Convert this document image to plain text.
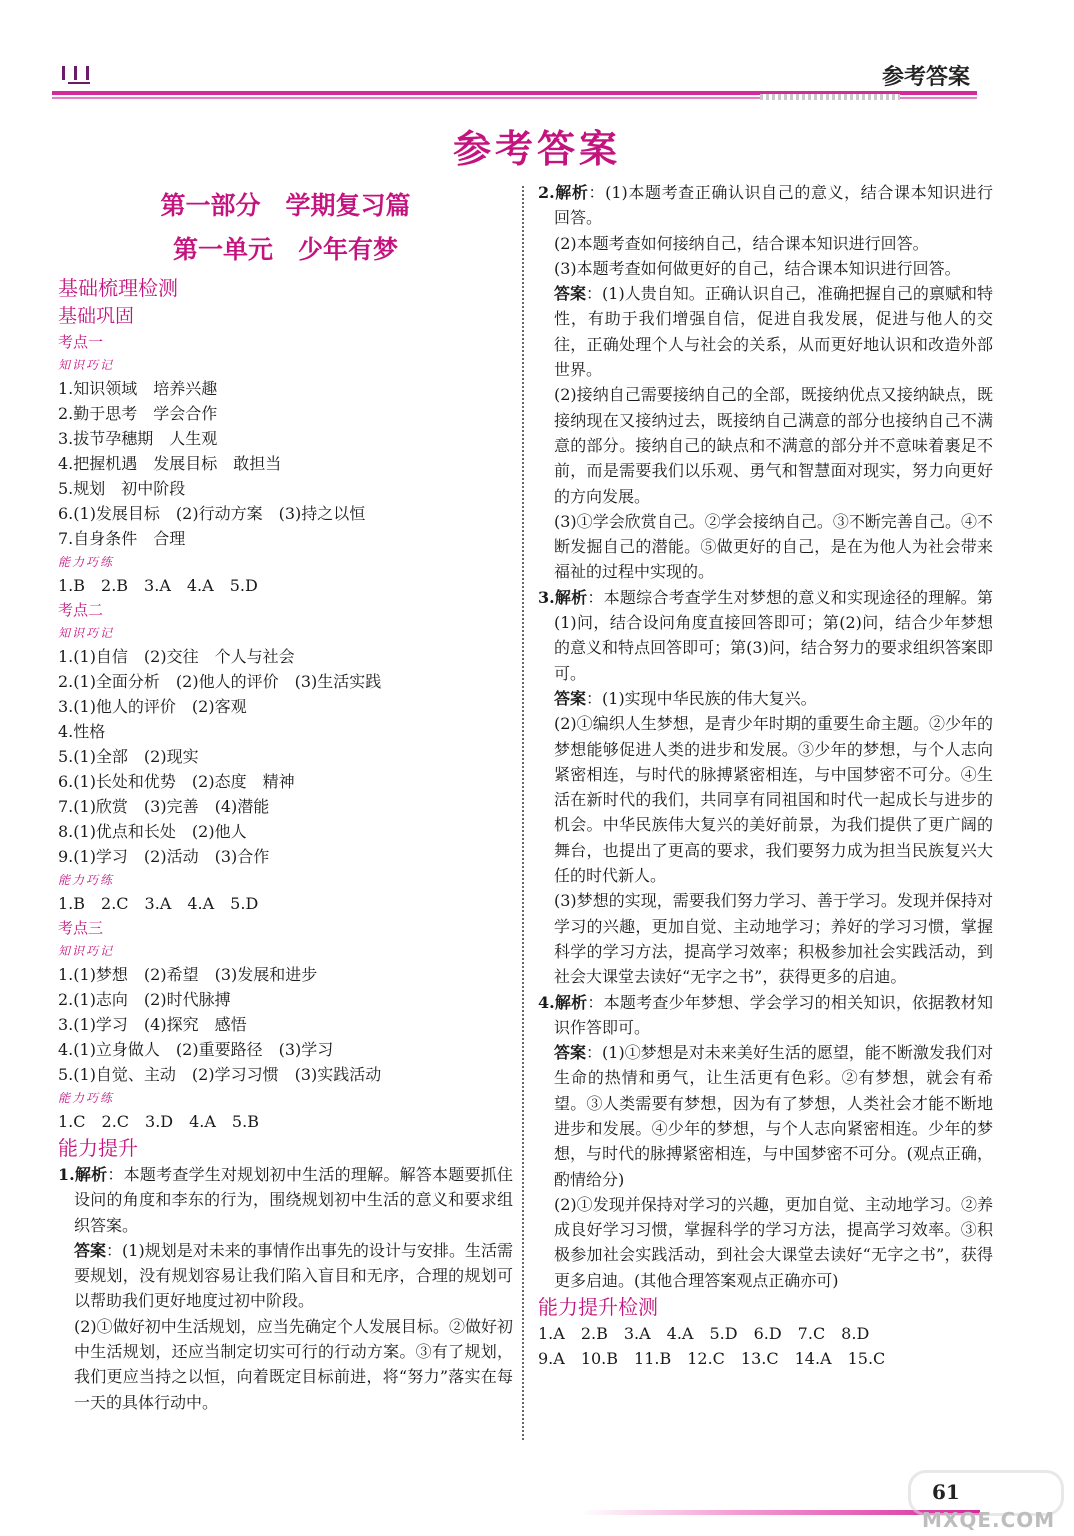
参考答案
参考答案
第一部分　学期复习篇
第一单元　少年有梦
基础梳理检测
基础巩固
考点一
知识巧记
1.知识领域　培养兴趣
2.勤于思考　学会合作
3.拔节孕穗期　人生观
4.把握机遇　发展目标　敢担当
5.规划　初中阶段
6.(1)发展目标　(2)行动方案　(3)持之以恒
7.自身条件　合理
能力巧练
1.B　2.B　3.A　4.A　5.D
考点二
知识巧记
1.(1)自信　(2)交往　个人与社会
2.(1)全面分析　(2)他人的评价　(3)生活实践
3.(1)他人的评价　(2)客观
4.性格
5.(1)全部　(2)现实
6.(1)长处和优势　(2)态度　精神
7.(1)欣赏　(3)完善　(4)潜能
8.(1)优点和长处　(2)他人
9.(1)学习　(2)活动　(3)合作
能力巧练
1.B　2.C　3.A　4.A　5.D
考点三
知识巧记
1.(1)梦想　(2)希望　(3)发展和进步
2.(1)志向　(2)时代脉搏
3.(1)学习　(4)探究　感悟
4.(1)立身做人　(2)重要路径　(3)学习
5.(1)自觉、主动　(2)学习习惯　(3)实践活动
能力巧练
1.C　2.C　3.D　4.A　5.B
能力提升
1.解析：本题考查学生对规划初中生活的理解。解答本题要抓住设问的角度和李东的行为，围绕规划初中生活的意义和要求组织答案。
答案：(1)规划是对未来的事情作出事先的设计与安排。生活需要规划，没有规划容易让我们陷入盲目和无序，合理的规划可以帮助我们更好地度过初中阶段。
(2)①做好初中生活规划，应当先确定个人发展目标。②做好初中生活规划，还应当制定切实可行的行动方案。③有了规划，我们更应当持之以恒，向着既定目标前进，将“努力”落实在每一天的具体行动中。
2.解析：(1)本题考查正确认识自己的意义，结合课本知识进行回答。
(2)本题考查如何接纳自己，结合课本知识进行回答。
(3)本题考查如何做更好的自己，结合课本知识进行回答。
答案：(1)人贵自知。正确认识自己，准确把握自己的禀赋和特性，有助于我们增强自信，促进自我发展，促进与他人的交往，正确处理个人与社会的关系，从而更好地认识和改造外部世界。
(2)接纳自己需要接纳自己的全部，既接纳优点又接纳缺点，既接纳现在又接纳过去，既接纳自己满意的部分也接纳自己不满意的部分。接纳自己的缺点和不满意的部分并不意味着裹足不前，而是需要我们以乐观、勇气和智慧面对现实，努力向更好的方向发展。
(3)①学会欣赏自己。②学会接纳自己。③不断完善自己。④不断发掘自己的潜能。⑤做更好的自己，是在为他人为社会带来福祉的过程中实现的。
3.解析：本题综合考查学生对梦想的意义和实现途径的理解。第(1)问，结合设问角度直接回答即可；第(2)问，结合少年梦想的意义和特点回答即可；第(3)问，结合努力的要求组织答案即可。
答案：(1)实现中华民族的伟大复兴。
(2)①编织人生梦想，是青少年时期的重要生命主题。②少年的梦想能够促进人类的进步和发展。③少年的梦想，与个人志向紧密相连，与时代的脉搏紧密相连，与中国梦密不可分。④生活在新时代的我们，共同享有同祖国和时代一起成长与进步的机会。中华民族伟大复兴的美好前景，为我们提供了更广阔的舞台，也提出了更高的要求，我们要努力成为担当民族复兴大任的时代新人。
(3)梦想的实现，需要我们努力学习、善于学习。发现并保持对学习的兴趣，更加自觉、主动地学习；养好的学习习惯，掌握科学的学习方法，提高学习效率；积极参加社会实践活动，到社会大课堂去读好“无字之书”，获得更多的启迪。
4.解析：本题考查少年梦想、学会学习的相关知识，依据教材知识作答即可。
答案：(1)①梦想是对未来美好生活的愿望，能不断激发我们对生命的热情和勇气，让生活更有色彩。②有梦想，就会有希望。③人类需要有梦想，因为有了梦想，人类社会才能不断地进步和发展。④少年的梦想，与个人志向紧密相连。少年的梦想，与时代的脉搏紧密相连，与中国梦密不可分。(观点正确，酌情给分)
(2)①发现并保持对学习的兴趣，更加自觉、主动地学习。②养成良好学习习惯，掌握科学的学习方法，提高学习效率。③积极参加社会实践活动，到社会大课堂去读好“无字之书”，获得更多启迪。(其他合理答案观点正确亦可)
能力提升检测
1.A　2.B　3.A　4.A　5.D　6.D　7.C　8.D
9.A　10.B　11.B　12.C　13.C　14.A　15.C
61
MXQE.COM
